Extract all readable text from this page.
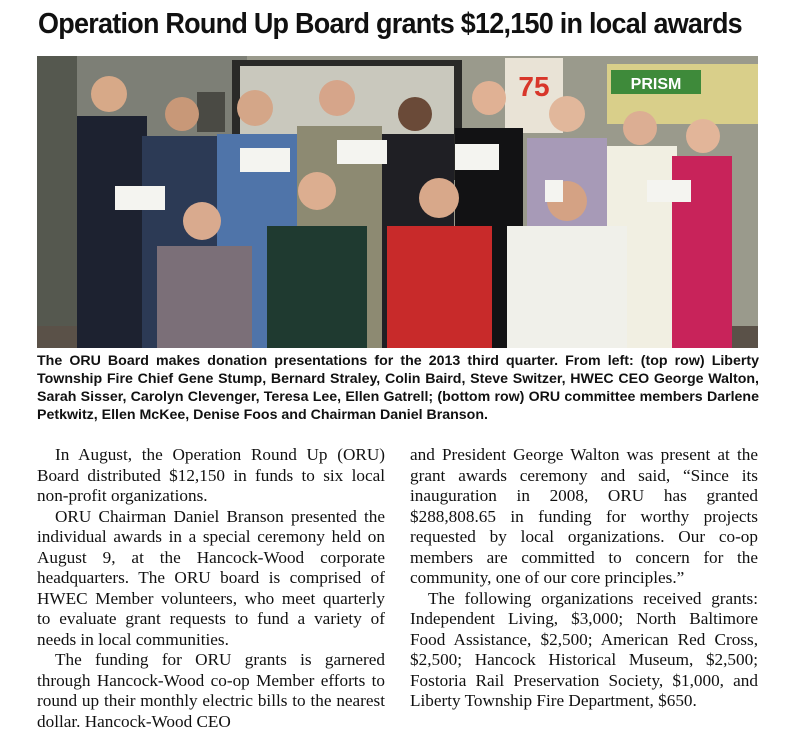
Operation Round Up Board grants $12,150 in local awards
75	PRISM
The ORU Board makes donation presentations for the 2013 third quarter. From left: (top row) Liberty Township Fire Chief Gene Stump, Bernard Straley, Colin Baird, Steve Switzer, HWEC CEO George Walton, Sarah Sisser, Carolyn Clevenger, Teresa Lee, Ellen Gatrell; (bottom row) ORU committee members Darlene Petkwitz, Ellen McKee, Denise Foos and Chairman Daniel Branson.

In August, the Operation Round Up (ORU) Board distributed $12,150 in funds to six local non-profit organizations.

ORU Chairman Daniel Branson presented the individual awards in a special ceremony held on August 9, at the Hancock-Wood corporate headquarters. The ORU board is comprised of HWEC Member volunteers, who meet quarterly to evaluate grant requests to fund a variety of needs in local communities.

The funding for ORU grants is garnered through Hancock-Wood co-op Member efforts to round up their monthly electric bills to the nearest dollar. Hancock-Wood CEO

and President George Walton was present at the grant awards ceremony and said, “Since its inauguration in 2008, ORU has granted $288,808.65 in funding for worthy projects requested by local organizations. Our co-op members are committed to concern for the community, one of our core principles.”

The following organizations received grants: Independent Living, $3,000; North Baltimore Food Assistance, $2,500; American Red Cross, $2,500; Hancock Historical Museum, $2,500; Fostoria Rail Preservation Society, $1,000, and Liberty Township Fire Department, $650.
